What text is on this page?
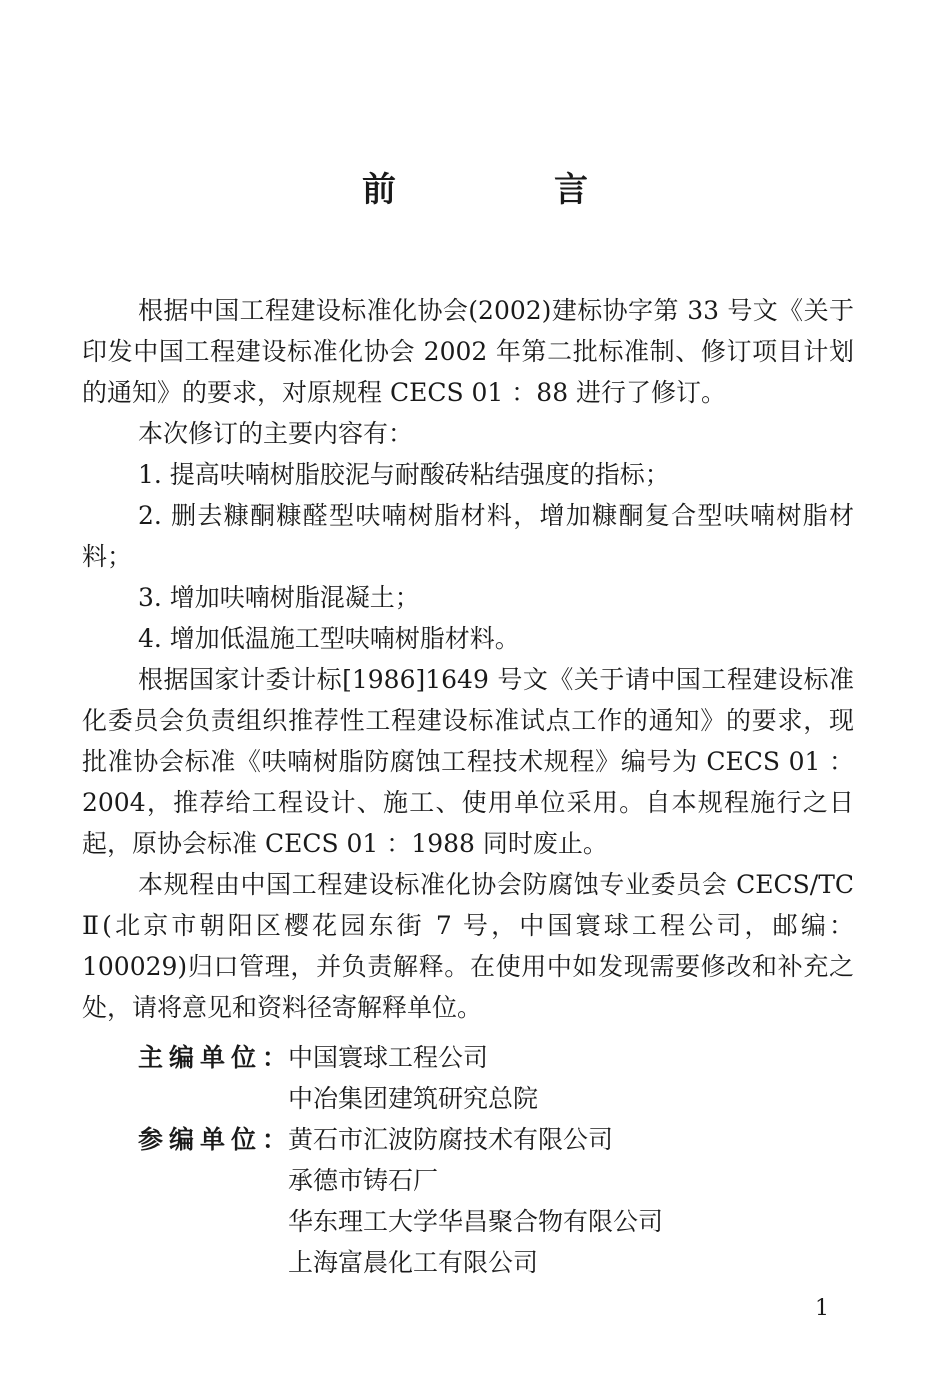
前　言

根据中国工程建设标准化协会(2002)建标协字第 33 号文《关于印发中国工程建设标准化协会 2002 年第二批标准制、修订项目计划的通知》的要求，对原规程 CECS 01 ：88 进行了修订。

本次修订的主要内容有：

1. 提高呋喃树脂胶泥与耐酸砖粘结强度的指标；

2. 删去糠酮糠醛型呋喃树脂材料，增加糠酮复合型呋喃树脂材料；

3. 增加呋喃树脂混凝土；

4. 增加低温施工型呋喃树脂材料。

根据国家计委计标[1986]1649 号文《关于请中国工程建设标准化委员会负责组织推荐性工程建设标准试点工作的通知》的要求，现批准协会标准《呋喃树脂防腐蚀工程技术规程》编号为 CECS 01 ：2004，推荐给工程设计、施工、使用单位采用。自本规程施行之日起，原协会标准 CECS 01 ：1988 同时废止。

本规程由中国工程建设标准化协会防腐蚀专业委员会 CECS/TC Ⅱ(北京市朝阳区樱花园东街 7 号，中国寰球工程公司，邮编：100029)归口管理，并负责解释。在使用中如发现需要修改和补充之处，请将意见和资料径寄解释单位。

主编单位：
中国寰球工程公司
中冶集团建筑研究总院
参编单位：
黄石市汇波防腐技术有限公司
承德市铸石厂
华东理工大学华昌聚合物有限公司
上海富晨化工有限公司
1
